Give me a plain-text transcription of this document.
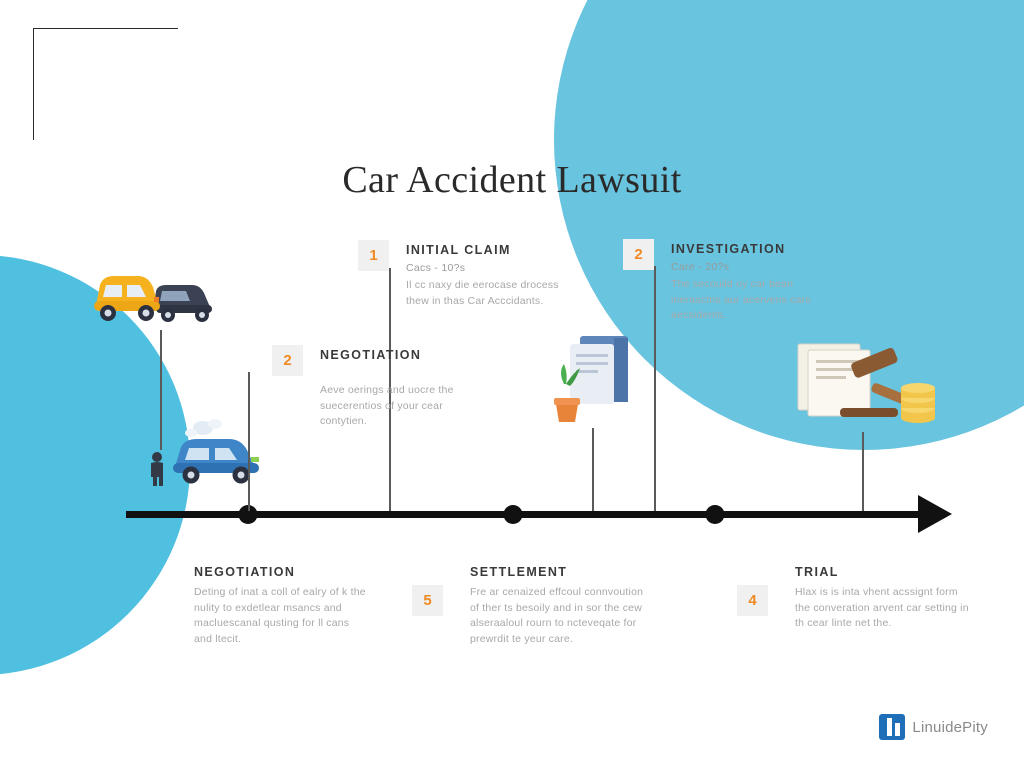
Car Accident Lawsuit
1	INITIAL CLAIM
Cacs - 10?s
Il cc naxy die eerocase drocess thew in thas Car Acccidants.
2	INVESTIGATION
Care - 20?s
The secouild oy car bean inerasctns aur acervens cars aecsidents.
2	NEGOTIATION
Aeve oerings and uocre the suecerentios of your cear contytien.
NEGOTIATION
Deting of inat a coll of ealry of k the nulity to exdetlear msancs and macluescanal qusting for ll cans and ltecit.
SETTLEMENT
5	Fre ar cenaized effcoul connvoution of ther ts besoily and in sor the cew alseraaloul rourn to ncteveqate for prewrdit te yeur care.
TRIAL
4	Hlax is is inta vhent acssignt form the converation arvent car setting in th cear linte net the.
LinuidePity
